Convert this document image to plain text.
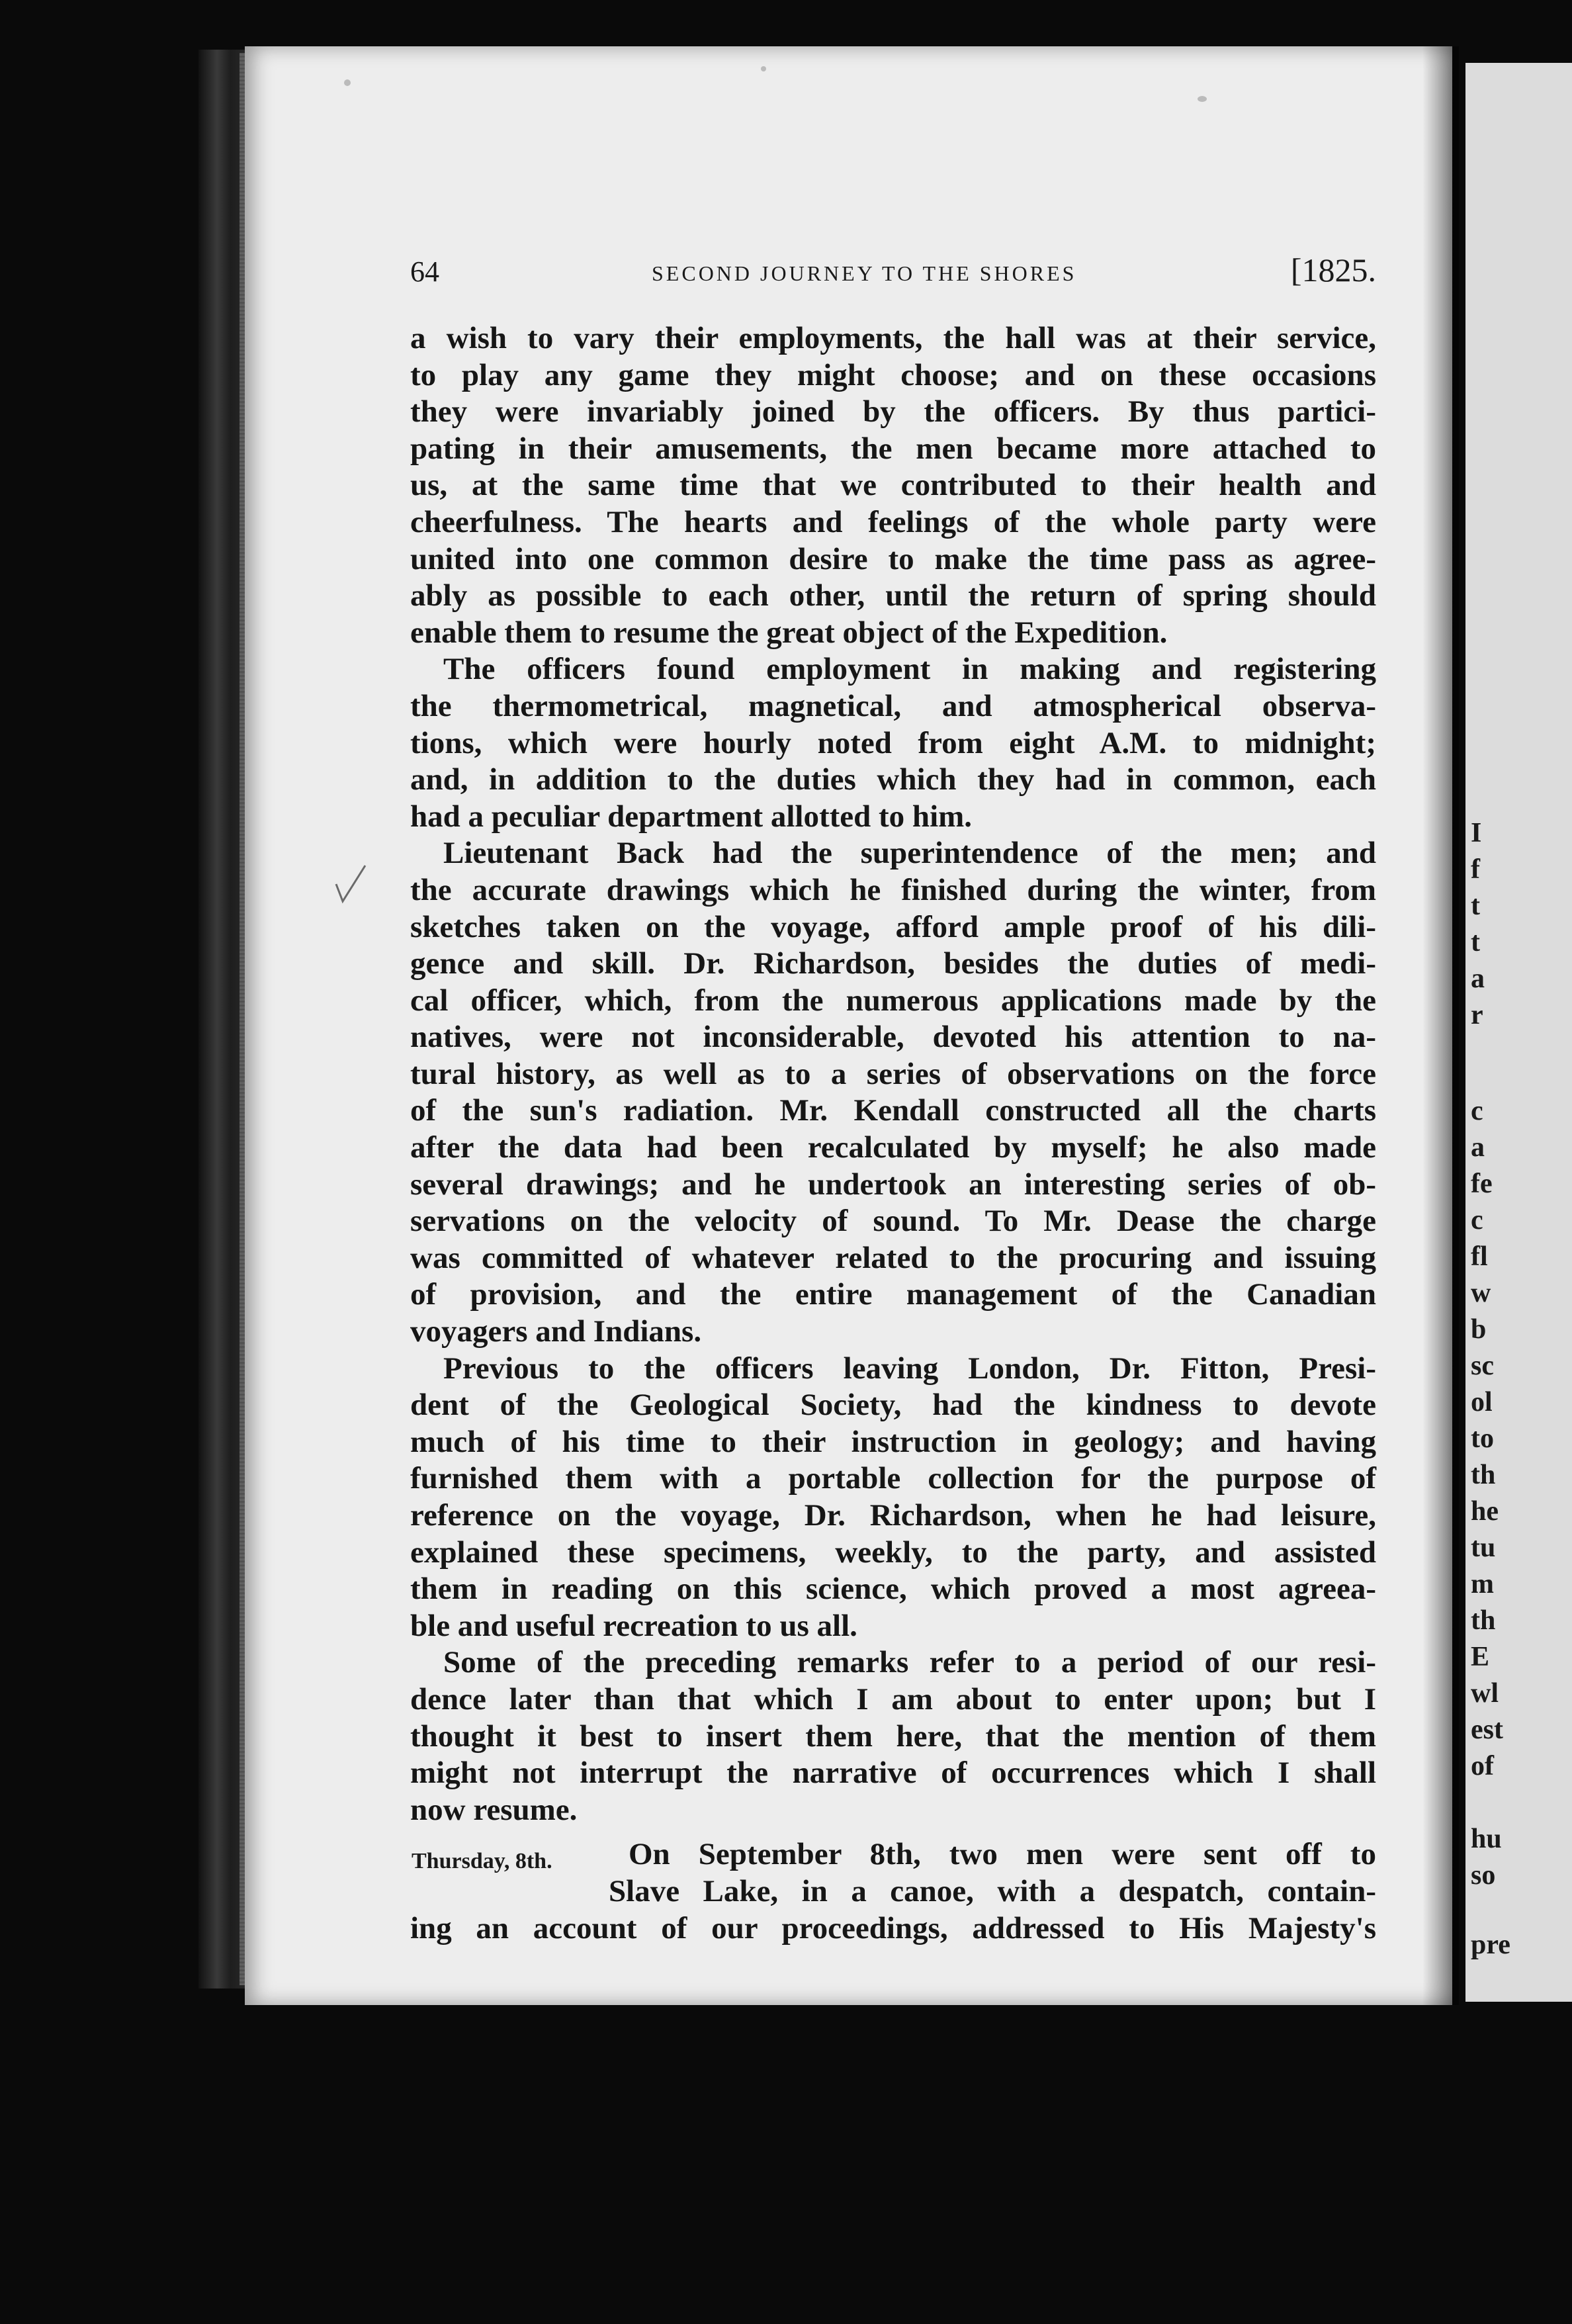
I
f
t
t
a
r
c
a
fe
c
fl
w
b
sc
ol
to
th
he
tu
m
th
E
wl
est
of
hu
so
pre
64	SECOND JOURNEY TO THE SHORES	[1825.
a wish to vary their employments, the hall was at their service,
to play any game they might choose; and on these occasions
they were invariably joined by the officers. By thus partici-
pating in their amusements, the men became more attached to
us, at the same time that we contributed to their health and
cheerfulness. The hearts and feelings of the whole party were
united into one common desire to make the time pass as agree-
ably as possible to each other, until the return of spring should
enable them to resume the great object of the Expedition.
The officers found employment in making and registering
the thermometrical, magnetical, and atmospherical observa-
tions, which were hourly noted from eight A.M. to midnight;
and, in addition to the duties which they had in common, each
had a peculiar department allotted to him.
Lieutenant Back had the superintendence of the men; and
the accurate drawings which he finished during the winter, from
sketches taken on the voyage, afford ample proof of his dili-
gence and skill. Dr. Richardson, besides the duties of medi-
cal officer, which, from the numerous applications made by the
natives, were not inconsiderable, devoted his attention to na-
tural history, as well as to a series of observations on the force
of the sun's radiation. Mr. Kendall constructed all the charts
after the data had been recalculated by myself; he also made
several drawings; and he undertook an interesting series of ob-
servations on the velocity of sound. To Mr. Dease the charge
was committed of whatever related to the procuring and issuing
of provision, and the entire management of the Canadian
voyagers and Indians.
Previous to the officers leaving London, Dr. Fitton, Presi-
dent of the Geological Society, had the kindness to devote
much of his time to their instruction in geology; and having
furnished them with a portable collection for the purpose of
reference on the voyage, Dr. Richardson, when he had leisure,
explained these specimens, weekly, to the party, and assisted
them in reading on this science, which proved a most agreea-
ble and useful recreation to us all.
Some of the preceding remarks refer to a period of our resi-
dence later than that which I am about to enter upon; but I
thought it best to insert them here, that the mention of them
might not interrupt the narrative of occurrences which I shall
now resume.
On September 8th, two men were sent off to
Slave Lake, in a canoe, with a despatch, contain-
ing an account of our proceedings, addressed to His Majesty's
Thursday, 8th.
